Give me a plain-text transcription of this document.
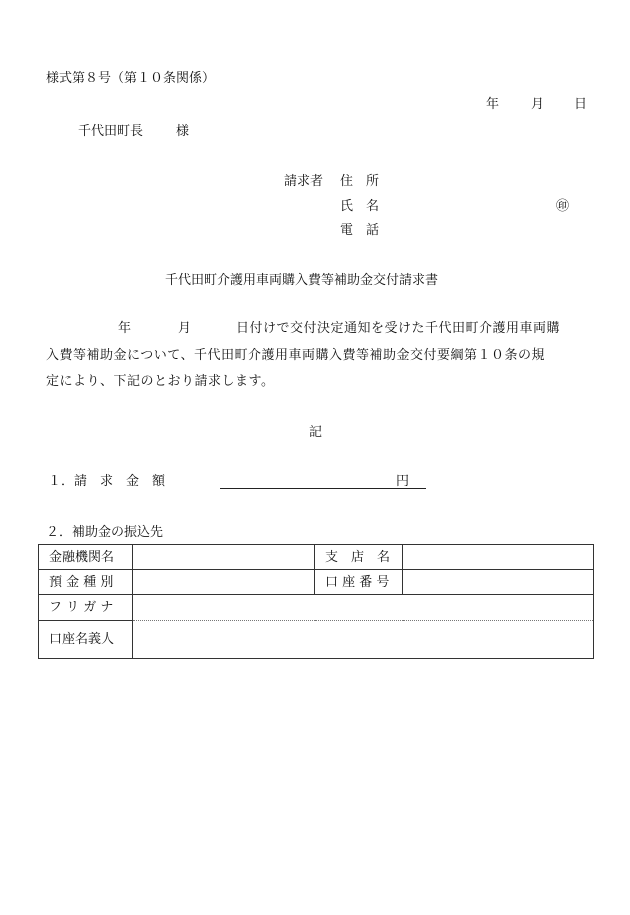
様式第８号（第１０条関係）
年 月 日
千代田町長	様
請求者 住　所
氏　名	㊞
電　話
千代田町介護用車両購入費等補助金交付請求書
年	月	日付けで交付決定通知を受けた千代田町介護用車両購
入費等補助金について、千代田町介護用車両購入費等補助金交付要綱第１０条の規
定により、下記のとおり請求します。
記
１．請　求　金　額	円
２．補助金の振込先
金融機関名		支　店　名	
預 金 種 別		口 座 番 号	
フ リ ガ ナ			
口座名義人			
